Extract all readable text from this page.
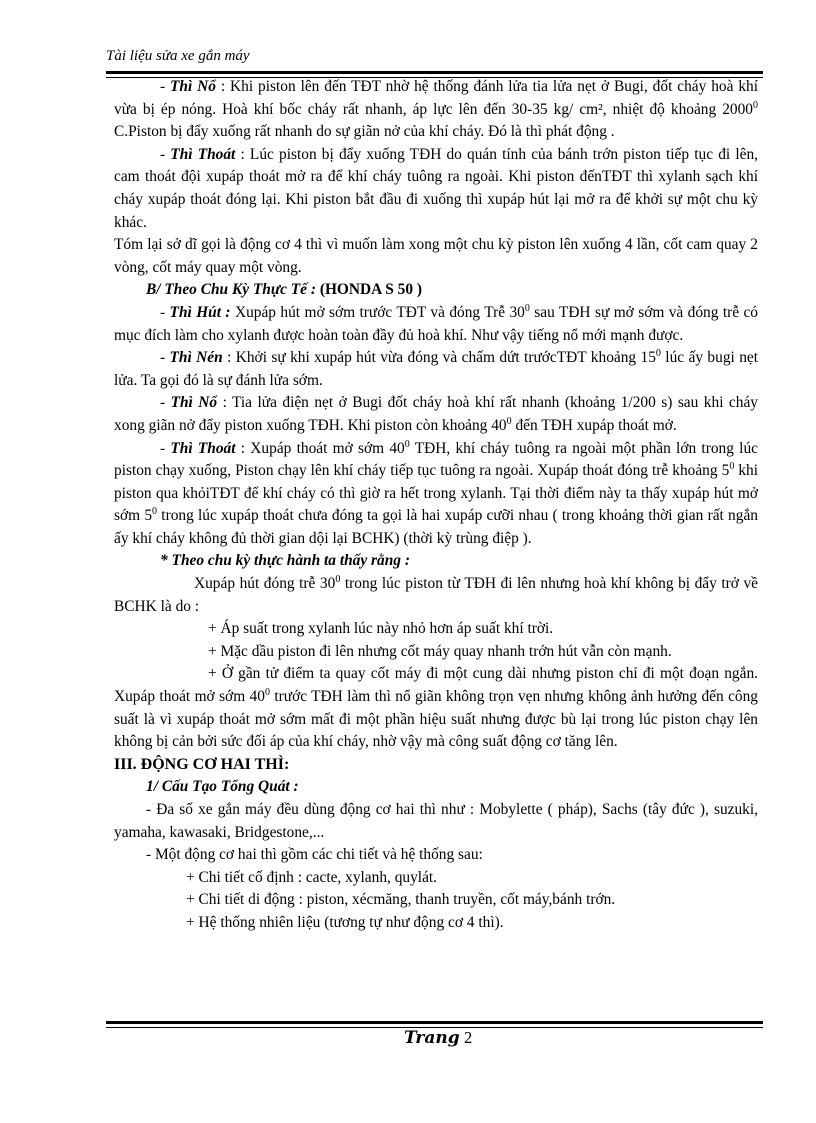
Tài liệu sửa xe gắn máy

- Thì Nổ : Khi piston lên đến TĐT nhờ hệ thống đánh lửa tia lửa nẹt ở Bugi, đốt cháy hoà khí vừa bị ép nóng. Hoà khí bốc cháy rất nhanh, áp lực lên đến 30-35 kg/ cm², nhiệt độ khoảng 2000$^0$ C.Piston bị đẩy xuống rất nhanh do sự giãn nở của khí cháy. Đó là thì phát động .

- Thì Thoát : Lúc piston bị đẩy xuống TĐH do quán tính của bánh trớn piston tiếp tục đi lên, cam thoát đội xupáp thoát mở ra để khí cháy tuông ra ngoài. Khi piston đếnTĐT thì xylanh sạch khí cháy xupáp thoát đóng lại. Khi piston bắt đầu đi xuống thì xupáp hút lại mở ra để khởi sự một chu kỳ khác.

Tóm lại sở dĩ gọi là động cơ 4 thì vì muốn làm xong một chu kỳ piston lên xuống 4 lần, cốt cam quay 2 vòng, cốt máy quay một vòng.

B/ Theo Chu Kỳ Thực Tế : (HONDA S 50 )

- Thì Hút : Xupáp hút mở sớm trước TĐT và đóng Trễ $30^0$ sau TĐH sự mở sớm và đóng trễ có mục đích làm cho xylanh được hoàn toàn đầy đủ hoà khí. Như vậy tiếng nổ mới mạnh được.

- Thì Nén : Khởi sự khi xupáp hút vừa đóng và chấm dứt trướcTĐT khoảng $15^0$ lúc ấy bugi nẹt lửa. Ta gọi đó là sự đánh lửa sớm.

- Thì Nổ : Tia lửa điện nẹt ở Bugi đốt cháy hoà khí rất nhanh (khoảng 1/200 s) sau khi cháy xong giãn nở đẩy piston xuống TĐH. Khi piston còn khoảng $40^0$ đến TĐH xupáp thoát mở.

- Thì Thoát : Xupáp thoát mở sớm $40^0$ TĐH, khí cháy tuông ra ngoài một phần lớn trong lúc piston chạy xuống, Piston chạy lên khí cháy tiếp tục tuông ra ngoài. Xupáp thoát đóng trễ khoảng $5^0$ khi piston qua khỏiTĐT để khí cháy có thì giờ ra hết trong xylanh. Tại thời điểm này ta thấy xupáp hút mở sớm $5^0$ trong lúc xupáp thoát chưa đóng ta gọi là hai xupáp cưỡi nhau ( trong khoảng thời gian rất ngắn ấy khí cháy không đủ thời gian dội lại BCHK) (thời kỳ trùng điệp ).

* Theo chu kỳ thực hành ta thấy rằng :

Xupáp hút đóng trễ $30^0$ trong lúc piston từ TĐH đi lên nhưng hoà khí không bị đẩy trở về BCHK là do :

+ Áp suất trong xylanh lúc này nhỏ hơn áp suất khí trời.

+ Mặc dầu piston đi lên nhưng cốt máy quay nhanh trớn hút vẫn còn mạnh.

+ Ở gần tử điểm ta quay cốt máy đi một cung dài nhưng piston chỉ đi một đoạn ngắn. Xupáp thoát mở sớm $40^0$ trước TĐH làm thì nổ giãn không trọn vẹn nhưng không ảnh hưởng đến công suất là vì xupáp thoát mở sớm mất đi một phần hiệu suất nhưng được bù lại trong lúc piston chạy lên không bị cản bởi sức đối áp của khí cháy, nhờ vậy mà công suất động cơ tăng lên.

III. ĐỘNG CƠ HAI THÌ:

1/ Cấu Tạo Tổng Quát :

- Đa số xe gắn máy đều dùng động cơ hai thì như : Mobylette ( pháp), Sachs (tây đức ), suzuki, yamaha, kawasaki, Bridgestone,...

- Một động cơ hai thì gồm các chi tiết và hệ thống sau:

+ Chi tiết cố định : cacte, xylanh, quylát.

+ Chi tiết di động : piston, xécmăng, thanh truyền, cốt máy,bánh trớn.

+ Hệ thống nhiên liệu (tương tự như động cơ 4 thì).

Trang 2
